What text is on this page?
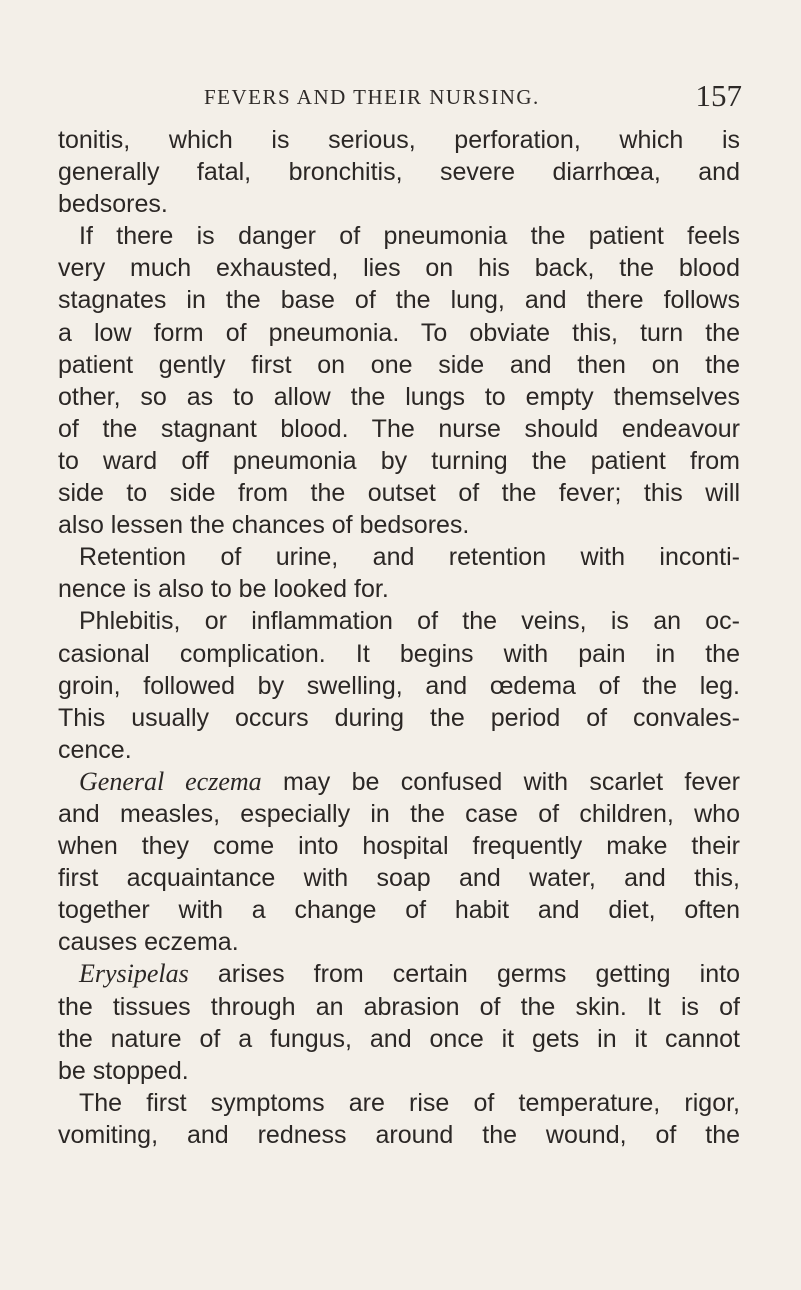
FEVERS AND THEIR NURSING.	157
tonitis, which is serious, perforation, which is
generally fatal, bronchitis, severe diarrhœa, and
bedsores.
If there is danger of pneumonia the patient feels
very much exhausted, lies on his back, the blood
stagnates in the base of the lung, and there follows
a low form of pneumonia. To obviate this, turn the
patient gently first on one side and then on the
other, so as to allow the lungs to empty themselves
of the stagnant blood. The nurse should endeavour
to ward off pneumonia by turning the patient from
side to side from the outset of the fever; this will
also lessen the chances of bedsores.
Retention of urine, and retention with inconti-
nence is also to be looked for.
Phlebitis, or inflammation of the veins, is an oc-
casional complication. It begins with pain in the
groin, followed by swelling, and œdema of the leg.
This usually occurs during the period of convales-
cence.
General eczema may be confused with scarlet fever
and measles, especially in the case of children, who
when they come into hospital frequently make their
first acquaintance with soap and water, and this,
together with a change of habit and diet, often
causes eczema.
Erysipelas arises from certain germs getting into
the tissues through an abrasion of the skin. It is of
the nature of a fungus, and once it gets in it cannot
be stopped.
The first symptoms are rise of temperature, rigor,
vomiting, and redness around the wound, of the
